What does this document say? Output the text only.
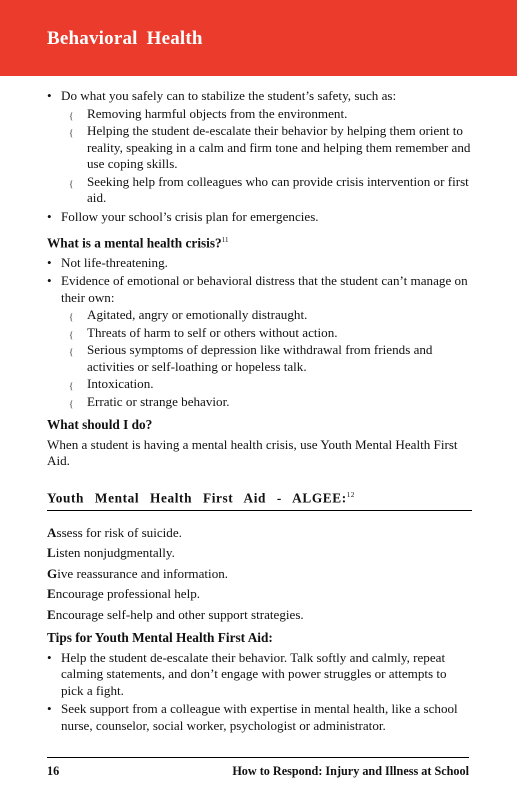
Behavioral Health
• Do what you safely can to stabilize the student’s safety, such as:
{ Removing harmful objects from the environment.
{ Helping the student de-escalate their behavior by helping them orient to reality, speaking in a calm and firm tone and helping them remember and use coping skills.
{ Seeking help from colleagues who can provide crisis intervention or first aid.
• Follow your school’s crisis plan for emergencies.
What is a mental health crisis?$^{11}$
• Not life-threatening.
• Evidence of emotional or behavioral distress that the student can’t manage on their own:
{ Agitated, angry or emotionally distraught.
{ Threats of harm to self or others without action.
{ Serious symptoms of depression like withdrawal from friends and activities or self-loathing or hopeless talk.
{ Intoxication.
{ Erratic or strange behavior.
What should I do?

When a student is having a mental health crisis, use Youth Mental Health First Aid.

Youth Mental Health First Aid - ALGEE:$^{12}$

Assess for risk of suicide.

Listen nonjudgmentally.

Give reassurance and information.

Encourage professional help.

Encourage self-help and other support strategies.

Tips for Youth Mental Health First Aid:
• Help the student de-escalate their behavior. Talk softly and calmly, repeat calming statements, and don’t engage with power struggles or attempts to pick a fight.
• Seek support from a colleague with expertise in mental health, like a school nurse, counselor, social worker, psychologist or administrator.
16	How to Respond: Injury and Illness at School
